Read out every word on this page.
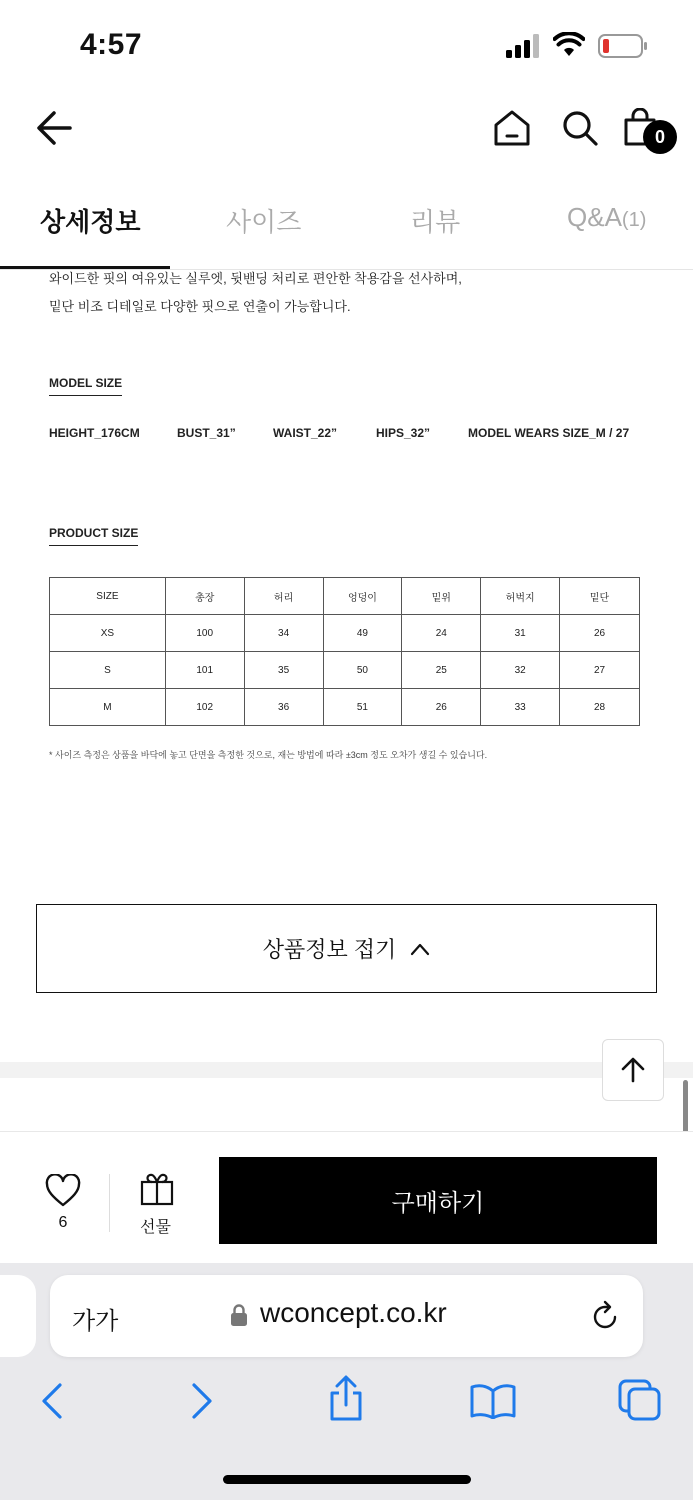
4:57
0
상세정보	사이즈	리뷰	Q&A(1)
와이드한 핏의 여유있는 실루엣, 뒷밴딩 처리로 편안한 착용감을 선사하며,
밑단 비조 디테일로 다양한 핏으로 연출이 가능합니다.
MODEL SIZE
HEIGHT_176CM	BUST_31”	WAIST_22”	HIPS_32”	MODEL WEARS SIZE_M / 27
PRODUCT SIZE
SIZE	총장	허리	엉덩이	밑위	허벅지	밑단
XS	100	34	49	24	31	26
S	101	35	50	25	32	27
M	102	36	51	26	33	28
* 사이즈 측정은 상품을 바닥에 놓고 단면을 측정한 것으로, 재는 방법에 따라 ±3cm 정도 오차가 생길 수 있습니다.
상품정보 접기
6	선물
구매하기
가가	wconcept.co.kr
